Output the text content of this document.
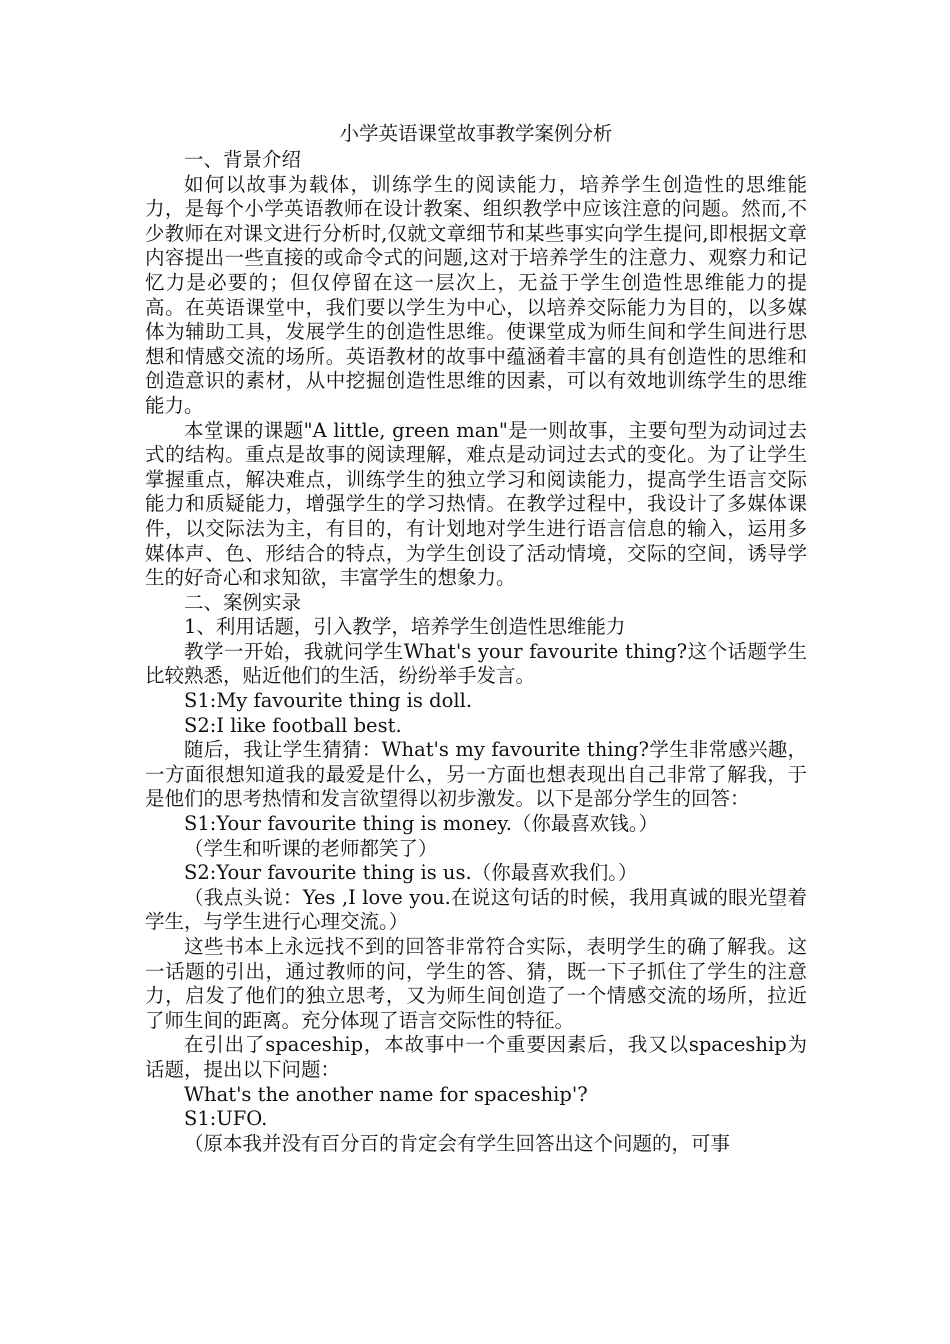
小学英语课堂故事教学案例分析

一、背景介绍

如何以故事为载体，训练学生的阅读能力，培养学生创造性的思维能力，是每个小学英语教师在设计教案、组织教学中应该注意的问题。然而,不少教师在对课文进行分析时,仅就文章细节和某些事实向学生提问,即根据文章内容提出一些直接的或命令式的问题,这对于培养学生的注意力、观察力和记忆力是必要的；但仅停留在这一层次上，无益于学生创造性思维能力的提高。在英语课堂中，我们要以学生为中心，以培养交际能力为目的，以多媒体为辅助工具，发展学生的创造性思维。使课堂成为师生间和学生间进行思想和情感交流的场所。英语教材的故事中蕴涵着丰富的具有创造性的思维和创造意识的素材，从中挖掘创造性思维的因素，可以有效地训练学生的思维能力。

本堂课的课题"A little, green man"是一则故事，主要句型为动词过去式的结构。重点是故事的阅读理解，难点是动词过去式的变化。为了让学生掌握重点，解决难点，训练学生的独立学习和阅读能力，提高学生语言交际能力和质疑能力，增强学生的学习热情。在教学过程中，我设计了多媒体课件，以交际法为主，有目的，有计划地对学生进行语言信息的输入，运用多媒体声、色、形结合的特点，为学生创设了活动情境，交际的空间，诱导学生的好奇心和求知欲，丰富学生的想象力。

二、案例实录

1、利用话题，引入教学，培养学生创造性思维能力

教学一开始，我就问学生What's your favourite thing?这个话题学生比较熟悉，贴近他们的生活，纷纷举手发言。

S1:My favourite thing is doll.

S2:I like football best.

随后，我让学生猜猜：What's my favourite thing?学生非常感兴趣，一方面很想知道我的最爱是什么，另一方面也想表现出自己非常了解我，于是他们的思考热情和发言欲望得以初步激发。以下是部分学生的回答：

S1:Your favourite thing is money.（你最喜欢钱。）

（学生和听课的老师都笑了）

S2:Your favourite thing is us.（你最喜欢我们。）

（我点头说：Yes ,I love you.在说这句话的时候，我用真诚的眼光望着学生，与学生进行心理交流。）

这些书本上永远找不到的回答非常符合实际，表明学生的确了解我。这一话题的引出，通过教师的问，学生的答、猜，既一下子抓住了学生的注意力，启发了他们的独立思考，又为师生间创造了一个情感交流的场所，拉近了师生间的距离。充分体现了语言交际性的特征。

在引出了spaceship，本故事中一个重要因素后，我又以spaceship为话题，提出以下问题：

What's the another name for spaceship'?

S1:UFO.

（原本我并没有百分百的肯定会有学生回答出这个问题的，可事
